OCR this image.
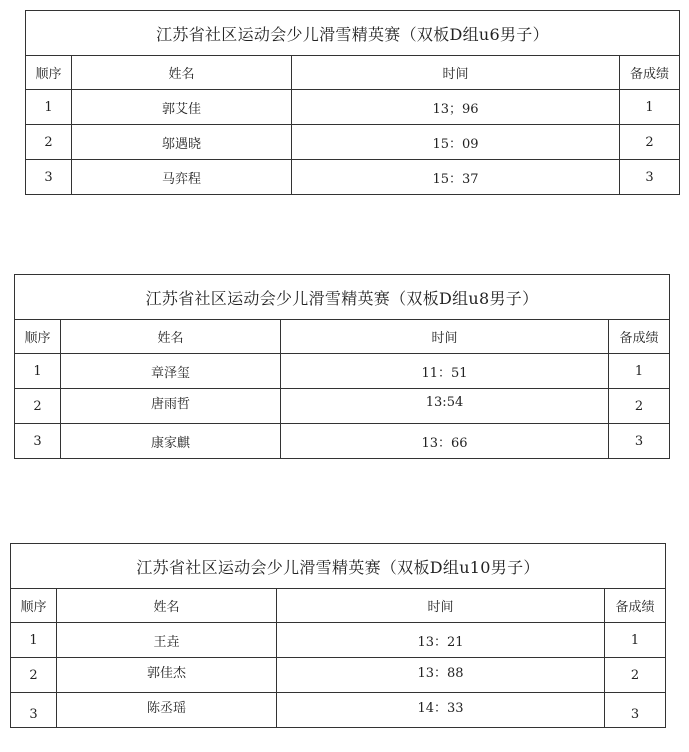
江苏省社区运动会少儿滑雪精英赛（双板D组u6男子）			
顺序	姓名	时间	备成绩
1	郭艾佳	13；96	1
2	邬遇晓	15：09	2
3	马弈程	15：37	3
江苏省社区运动会少儿滑雪精英赛（双板D组u8男子）			
顺序	姓名	时间	备成绩
1	章泽玺	11：51	1
2	唐雨哲	13:54	2
3	康家麒	13：66	3
江苏省社区运动会少儿滑雪精英赛（双板D组u10男子）			
顺序	姓名	时间	备成绩
1	王垚	13：21	1
2	郭佳杰	13：88	2
3	陈丞瑶	14：33	3
